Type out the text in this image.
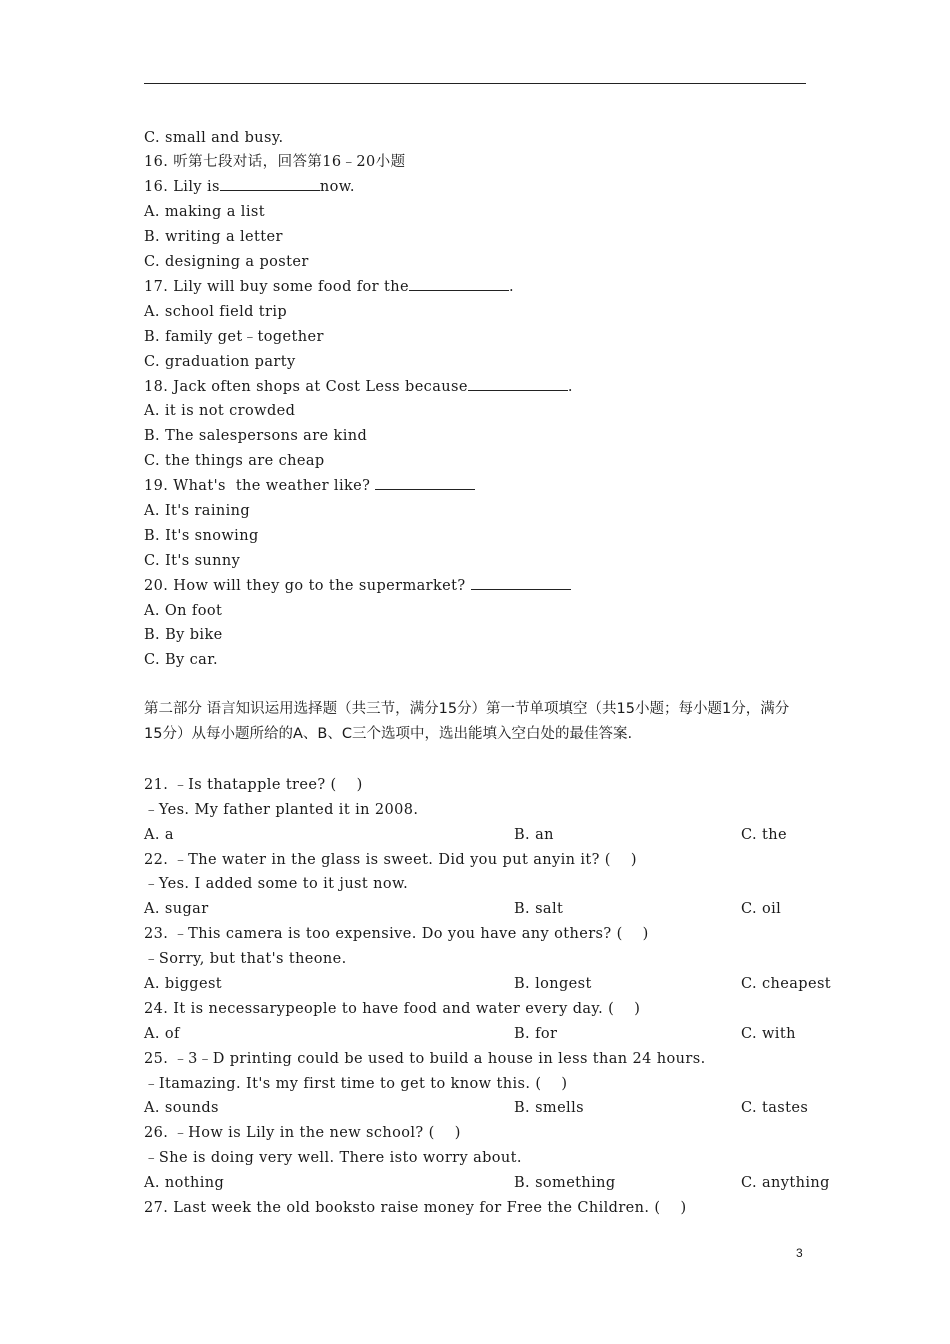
C. small and busy.
16. 听第七段对话，回答第16﹣20小题
16. Lily is	now.
A. making a list
B. writing a letter
C. designing a poster
17. Lily will buy some food for the	.
A. school field trip
B. family get﹣together
C. graduation party
18. Jack often shops at Cost Less because	.
A. it is not crowded
B. The salespersons are kind
C. the things are cheap
19. What's  the weather like?
A. It's raining
B. It's snowing
C. It's sunny
20. How will they go to the supermarket?
A. On foot
B. By bike
C. By car.
第二部分 语言知识运用选择题（共三节，满分15分）第一节单项填空（共15小题；每小题1分，满分15分）从每小题所给的A、B、C三个选项中，选出能填入空白处的最佳答案.
21. ﹣Is thatapple tree? (    )
﹣Yes. My father planted it in 2008.
A. a	B. an	C. the
22. ﹣The water in the glass is sweet. Did you put anyin it? (    )
﹣Yes. I added some to it just now.
A. sugar	B. salt	C. oil
23. ﹣This camera is too expensive. Do you have any others? (    )
﹣Sorry, but that's theone.
A. biggest	B. longest	C. cheapest
24. It is necessarypeople to have food and water every day. (    )
A. of	B. for	C. with
25. ﹣3﹣D printing could be used to build a house in less than 24 hours.
﹣Itamazing. It's my first time to get to know this. (    )
A. sounds	B. smells	C. tastes
26. ﹣How is Lily in the new school? (    )
﹣She is doing very well. There isto worry about.
A. nothing	B. something	C. anything
27. Last week the old booksto raise money for Free the Children. (    )
3
